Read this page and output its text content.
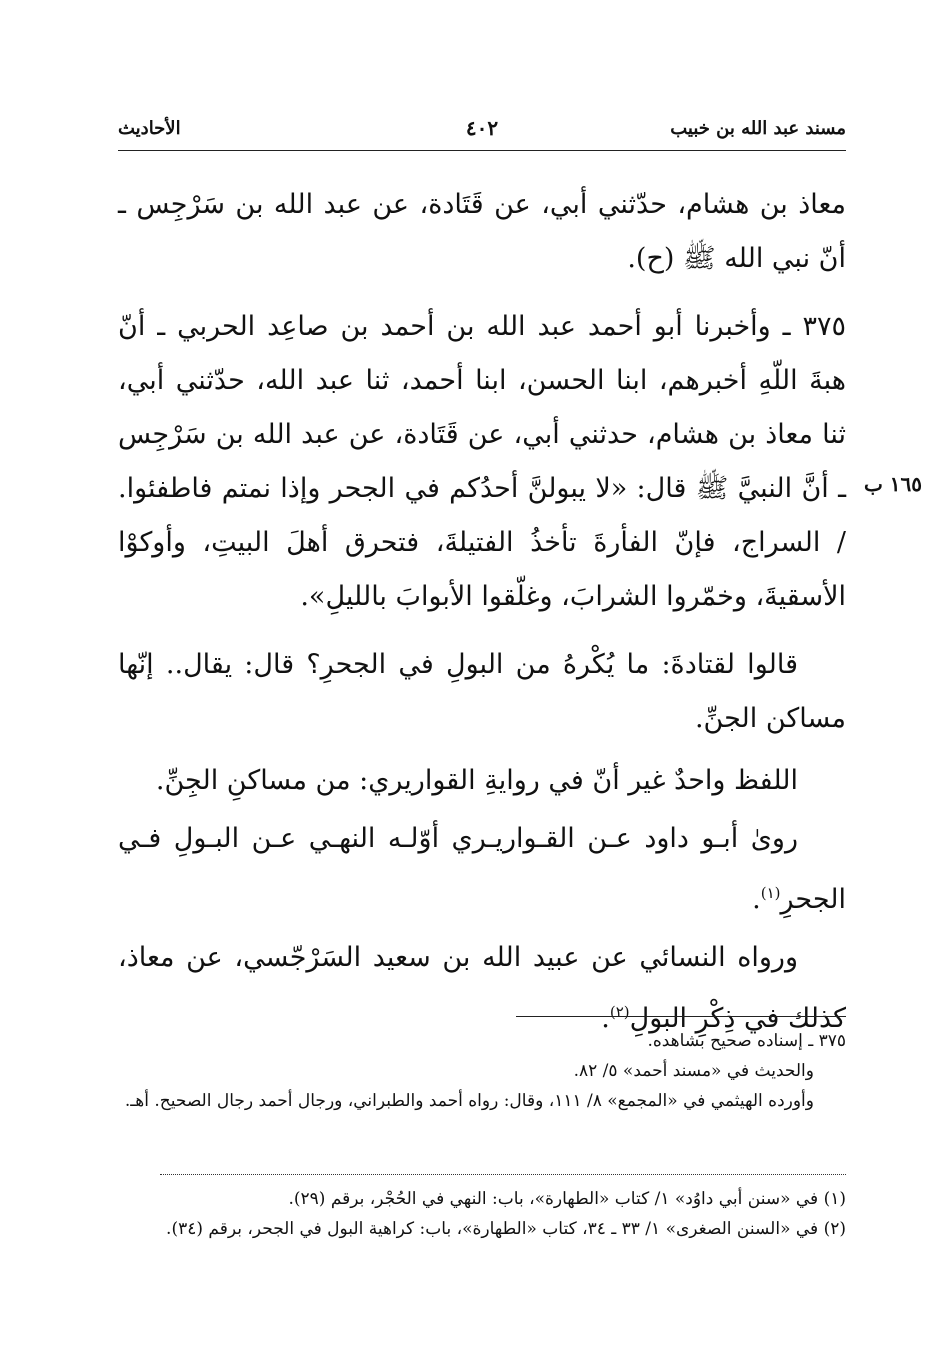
مسند عبد الله بن خبيب
٤٠٢
الأحاديث

معاذ بن هشام، حدّثني أبي، عن قَتَادة، عن عبد الله بن سَرْجِس ـ أنّ نبي الله ﷺ (ح).

٣٧٥ ـ وأخبرنا أبو أحمد عبد الله بن أحمد بن صاعِد الحربي ـ أنّ هبةَ اللّهِ أخبرهم، ابنا الحسن، ابنا أحمد، ثنا عبد الله، حدّثني أبي، ثنا معاذ بن هشام، حدثني أبي، عن قَتَادة، عن عبد الله بن سَرْجِس ـ أنَّ النبيَّ ﷺ قال: «لا يبولنَّ أحدُكم في الجحر وإذا نمتم فاطفئوا. / السراج، فإنّ الفأرةَ تأخذُ الفتيلةَ، فتحرق أهلَ البيتِ، وأوكوْا الأسقيةَ، وخمّروا الشرابَ، وغلّقوا الأبوابَ بالليلِ».

قالوا لقتادةَ: ما يُكْرهُ من البولِ في الجحرِ؟ قال: يقال.. إنّها مساكن الجنِّ.

اللفظ واحدٌ غير أنّ في روايةِ القواريري: من مساكنِ الجِنِّ.

رویٰ أبـو داود عـن القـواريـري أوّلـه النهـي عـن البـولِ فـي الجحرِ$^{(١)}$.

ورواه النسائي عن عبيد الله بن سعيد السَرْجّسي، عن معاذ، كذلك في ذِكْرِ البولِ$^{(٢)}$.

١٦٥ ب

٣٧٥ ـ إسناده صحيح بشاهده.

والحديث في «مسند أحمد» ٥/ ٨٢.

وأورده الهيثمي في «المجمع» ٨/ ١١١، وقال: رواه أحمد والطبراني، ورجال أحمد رجال الصحيح. أهـ.

(١) في «سنن أبي داوُد» ١/ كتاب «الطهارة»، باب: النهي في الحُجْر، برقم (٢٩).

(٢) في «السنن الصغرى» ١/ ٣٣ ـ ٣٤، كتاب «الطهارة»، باب: كراهية البول في الجحر، برقم (٣٤).
